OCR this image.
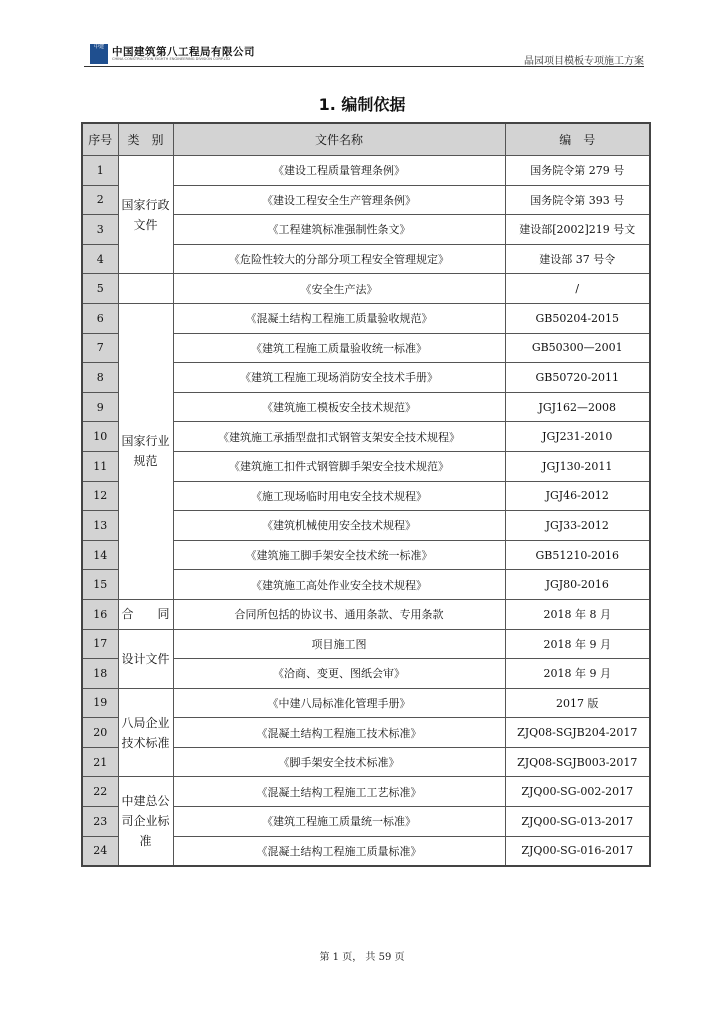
中建 中国建筑第八工程局有限公司
CHINA CONSTRUCTION EIGHTH ENGINEERING DIVISION CORP.LTD	晶园项目模板专项施工方案
1. 编制依据
序号	类　别	文件名称	编　号
1	国家行政文件	《建设工程质量管理条例》	国务院令第 279 号
2		《建设工程安全生产管理条例》	国务院令第 393 号
3		《工程建筑标准强制性条文》	建设部[2002]219 号文
4		《危险性较大的分部分项工程安全管理规定》	建设部 37 号令
5		《安全生产法》	/
6	国家行业规范	《混凝土结构工程施工质量验收规范》	GB50204-2015
7		《建筑工程施工质量验收统一标准》	GB50300—2001
8		《建筑工程施工现场消防安全技术手册》	GB50720-2011
9		《建筑施工模板安全技术规范》	JGJ162—2008
10		《建筑施工承插型盘扣式钢管支架安全技术规程》	JGJ231-2010
11		《建筑施工扣件式钢管脚手架安全技术规范》	JGJ130-2011
12		《施工现场临时用电安全技术规程》	JGJ46-2012
13		《建筑机械使用安全技术规程》	JGJ33-2012
14		《建筑施工脚手架安全技术统一标准》	GB51210-2016
15		《建筑施工高处作业安全技术规程》	JGJ80-2016
16	合　　同	合同所包括的协议书、通用条款、专用条款	2018 年 8 月
17	设计文件	项目施工图	2018 年 9 月
18		《洽商、变更、图纸会审》	2018 年 9 月
19	八局企业技术标准	《中建八局标准化管理手册》	2017 版
20		《混凝土结构工程施工技术标准》	ZJQ08-SGJB204-2017
21		《脚手架安全技术标准》	ZJQ08-SGJB003-2017
22	中建总公司企业标准	《混凝土结构工程施工工艺标准》	ZJQ00-SG-002-2017
23		《建筑工程施工质量统一标准》	ZJQ00-SG-013-2017
24		《混凝土结构工程施工质量标准》	ZJQ00-SG-016-2017
第 1 页， 共 59 页
